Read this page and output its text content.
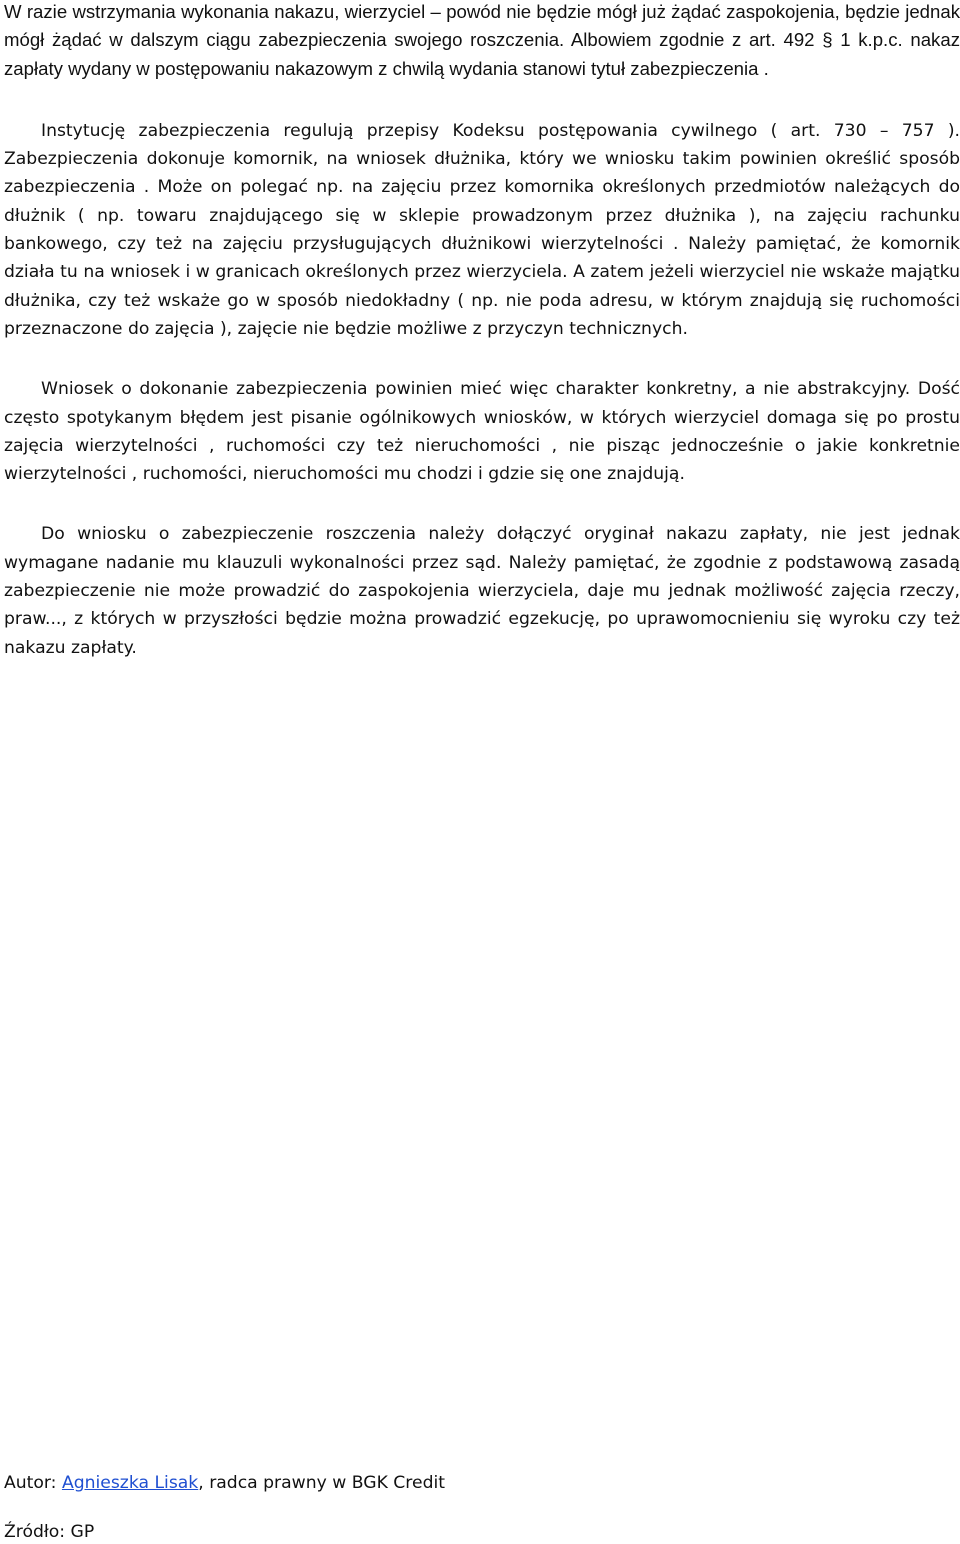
W razie wstrzymania wykonania nakazu, wierzyciel – powód nie będzie mógł już żądać zaspokojenia, będzie jednak mógł żądać w dalszym ciągu zabezpieczenia swojego roszczenia. Albowiem zgodnie z art. 492 § 1 k.p.c. nakaz zapłaty wydany w postępowaniu nakazowym z chwilą wydania stanowi tytuł zabezpieczenia .

Instytucję zabezpieczenia regulują przepisy Kodeksu postępowania cywilnego ( art. 730 – 757 ). Zabezpieczenia dokonuje komornik, na wniosek dłużnika, który we wniosku takim powinien określić sposób zabezpieczenia . Może on polegać np. na zajęciu przez komornika określonych przedmiotów należących do dłużnik ( np. towaru znajdującego się w sklepie prowadzonym przez dłużnika ), na zajęciu rachunku bankowego, czy też na zajęciu przysługujących dłużnikowi wierzytelności . Należy pamiętać, że komornik działa tu na wniosek i w granicach określonych przez wierzyciela. A zatem jeżeli wierzyciel nie wskaże majątku dłużnika, czy też wskaże go w sposób niedokładny ( np. nie poda adresu, w którym znajdują się ruchomości przeznaczone do zajęcia ), zajęcie nie będzie możliwe z przyczyn technicznych.

Wniosek o dokonanie zabezpieczenia powinien mieć więc charakter konkretny, a nie abstrakcyjny. Dość często spotykanym błędem jest pisanie ogólnikowych wniosków, w których wierzyciel domaga się po prostu zajęcia wierzytelności , ruchomości czy też nieruchomości , nie pisząc jednocześnie o jakie konkretnie wierzytelności , ruchomości, nieruchomości mu chodzi i gdzie się one znajdują.

Do wniosku o zabezpieczenie roszczenia należy dołączyć oryginał nakazu zapłaty, nie jest jednak wymagane nadanie mu klauzuli wykonalności przez sąd. Należy pamiętać, że zgodnie z podstawową zasadą zabezpieczenie nie może prowadzić do zaspokojenia wierzyciela, daje mu jednak możliwość zajęcia rzeczy, praw..., z których w przyszłości będzie można prowadzić egzekucję, po uprawomocnieniu się wyroku czy też nakazu zapłaty.

Autor: Agnieszka Lisak, radca prawny w BGK Credit
Źródło: GP
